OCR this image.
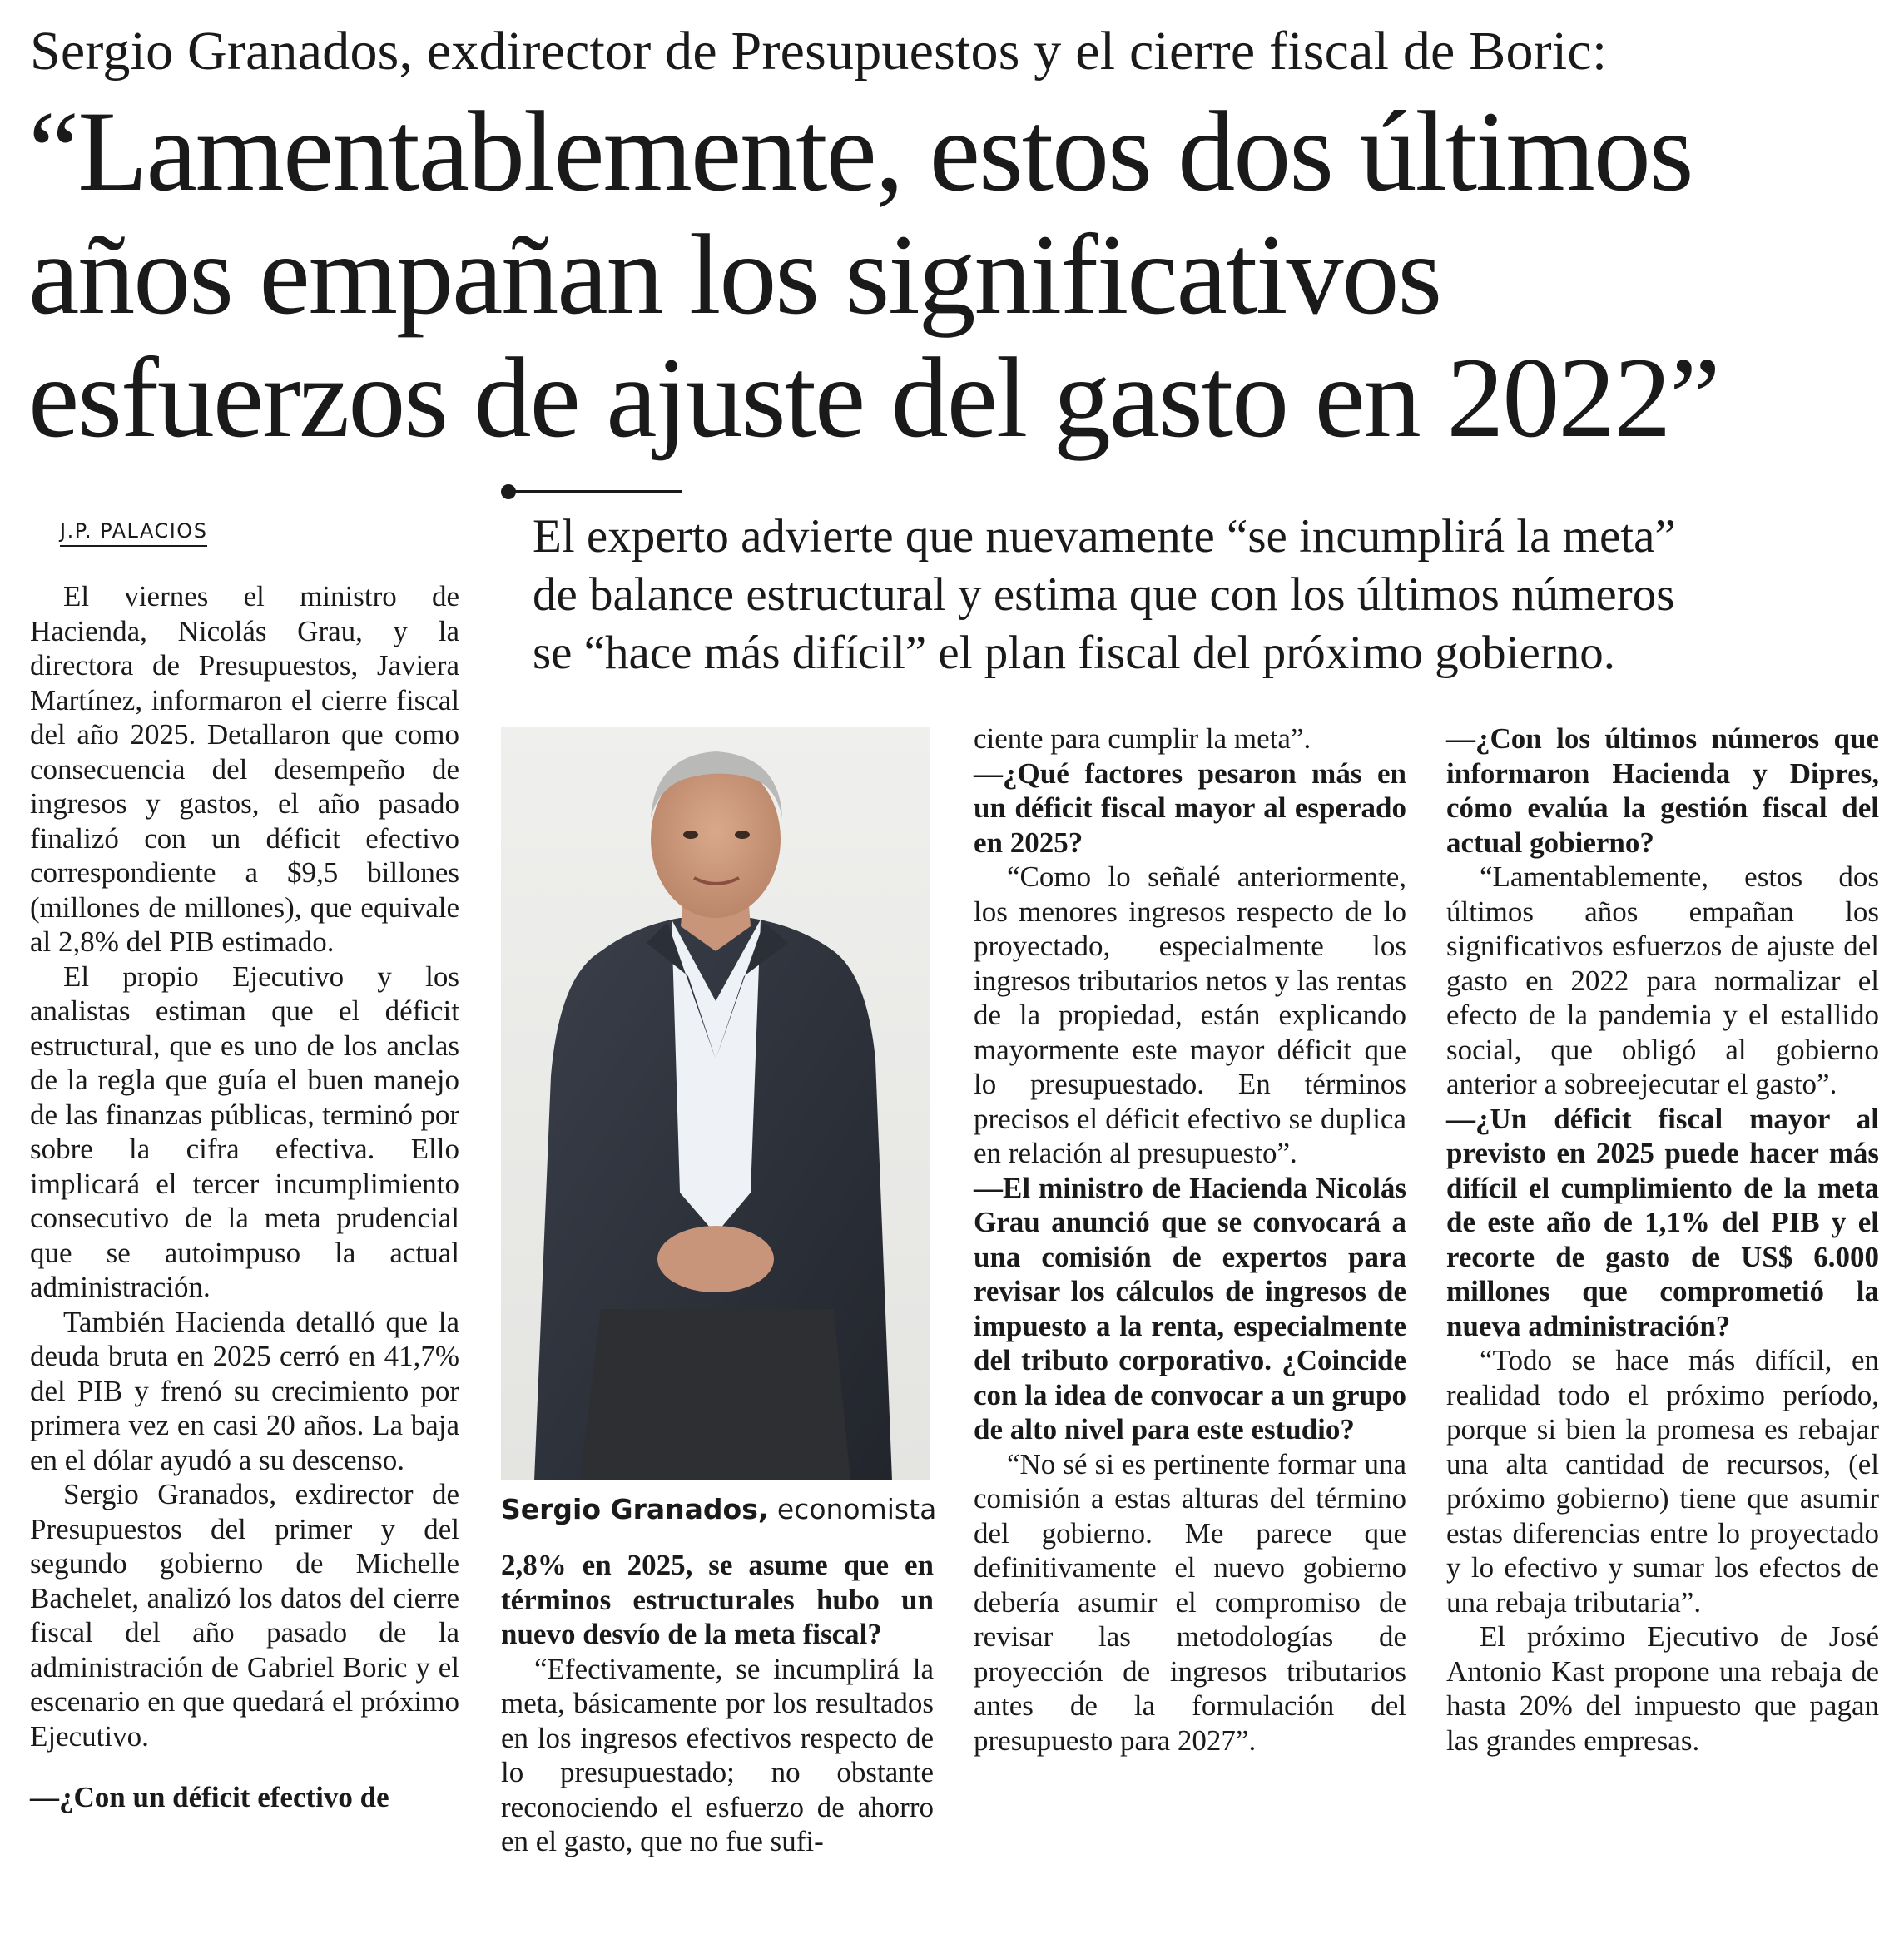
Sergio Granados, exdirector de Presupuestos y el cierre fiscal de Boric:
“Lamentablemente, estos dos últimos
años empañan los significativos
esfuerzos de ajuste del gasto en 2022”
J.P. PALACIOS	El experto advierte que nuevamente “se incumplirá la meta”
de balance estructural y estima que con los últimos números
se “hace más difícil” el plan fiscal del próximo gobierno.

El viernes el ministro de Hacienda, Nicolás Grau, y la directora de Presupuestos, Javiera Martínez, informaron el cierre fiscal del año 2025. Detallaron que como consecuencia del desempeño de ingresos y gastos, el año pasado finalizó con un déficit efectivo correspondiente a $9,5 billones (millones de millones), que equivale al 2,8% del PIB estimado.

El propio Ejecutivo y los analistas estiman que el déficit estructural, que es uno de los anclas de la regla que guía el buen manejo de las finanzas públicas, terminó por sobre la cifra efectiva. Ello implicará el tercer incumplimiento consecutivo de la meta prudencial que se autoimpuso la actual administración.

También Hacienda detalló que la deuda bruta en 2025 cerró en 41,7% del PIB y frenó su crecimiento por primera vez en casi 20 años. La baja en el dólar ayudó a su descenso.

Sergio Granados, exdirector de Presupuestos del primer y del segundo gobierno de Michelle Bachelet, analizó los datos del cierre fiscal del año pasado de la administración de Gabriel Boric y el escenario en que quedará el próximo Ejecutivo.

—¿Con un déficit efectivo de

Sergio Granados, economista

2,8% en 2025, se asume que en términos estructurales hubo un nuevo desvío de la meta fiscal?

“Efectivamente, se incumplirá la meta, básicamente por los resultados en los ingresos efectivos respecto de lo presupuestado; no obstante reconociendo el esfuerzo de ahorro en el gasto, que no fue sufi-

ciente para cumplir la meta”.

—¿Qué factores pesaron más en un déficit fiscal mayor al esperado en 2025?

“Como lo señalé anteriormente, los menores ingresos respecto de lo proyectado, especialmente los ingresos tributarios netos y las rentas de la propiedad, están explicando mayormente este mayor déficit que lo presupuestado. En términos precisos el déficit efectivo se duplica en relación al presupuesto”.

—El ministro de Hacienda Nicolás Grau anunció que se convocará a una comisión de expertos para revisar los cálculos de ingresos de impuesto a la renta, especialmente del tributo corporativo. ¿Coincide con la idea de convocar a un grupo de alto nivel para este estudio?

“No sé si es pertinente formar una comisión a estas alturas del término del gobierno. Me parece que definitivamente el nuevo gobierno debería asumir el compromiso de revisar las metodologías de proyección de ingresos tributarios antes de la formulación del presupuesto para 2027”.

—¿Con los últimos números que informaron Hacienda y Dipres, cómo evalúa la gestión fiscal del actual gobierno?

“Lamentablemente, estos dos últimos años empañan los significativos esfuerzos de ajuste del gasto en 2022 para normalizar el efecto de la pandemia y el estallido social, que obligó al gobierno anterior a sobreejecutar el gasto”.

—¿Un déficit fiscal mayor al previsto en 2025 puede hacer más difícil el cumplimiento de la meta de este año de 1,1% del PIB y el recorte de gasto de US$ 6.000 millones que comprometió la nueva administración?

“Todo se hace más difícil, en realidad todo el próximo período, porque si bien la promesa es rebajar una alta cantidad de recursos, (el próximo gobierno) tiene que asumir estas diferencias entre lo proyectado y lo efectivo y sumar los efectos de una rebaja tributaria”.

El próximo Ejecutivo de José Antonio Kast propone una rebaja de hasta 20% del impuesto que pagan las grandes empresas.
